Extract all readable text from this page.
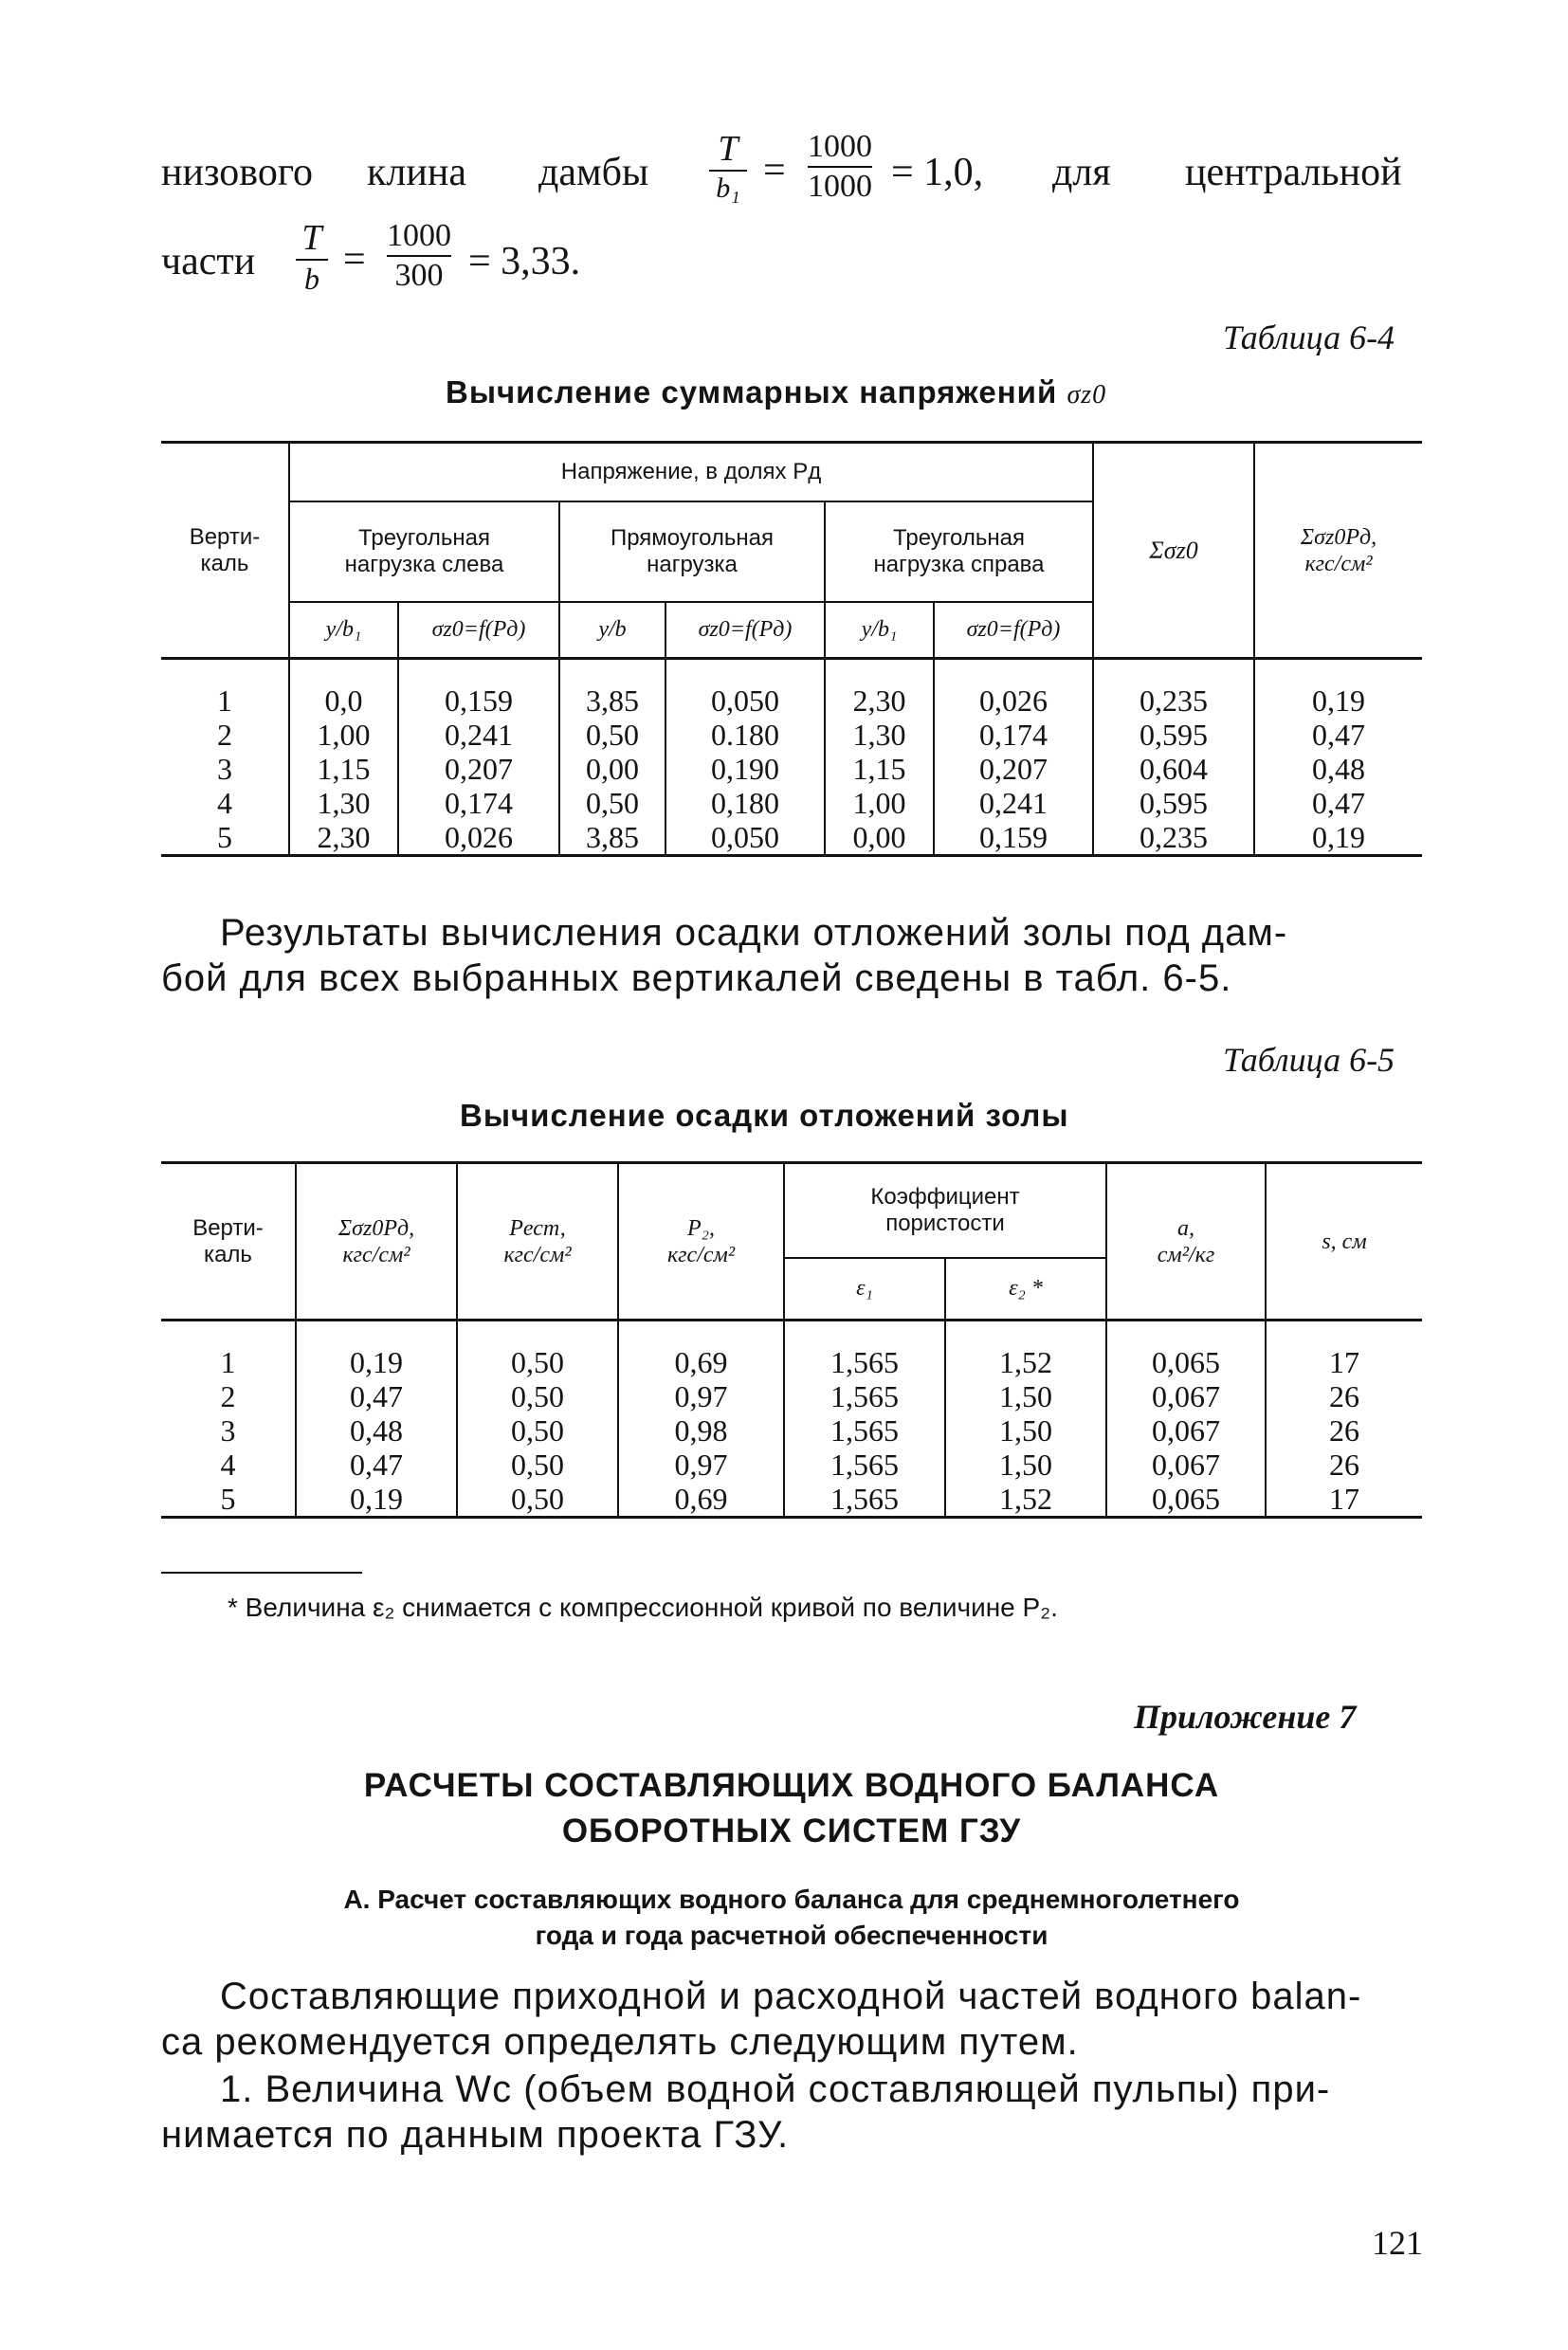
низового клина дамбы
T
b₁ =
1000
1000 = 1,0, для центральной
части
T
b =
1000
300 = 3,33.
Таблица 6-4
Вычисление суммарных напряжений σz0
Верти-
каль	Напряжение, в долях Pд						Σσz0	Σσz0Pд,
кгс/см²
	Треугольная
нагрузка слева		Прямоугольная
нагрузка		Треугольная
нагрузка справа			
	y/b₁	σz0=f(Pд)	y/b	σz0=f(Pд)	y/b₁	σz0=f(Pд)		

1	0,0	0,159	3,85	0,050	2,30	0,026	0,235	0,19
2	1,00	0,241	0,50	0.180	1,30	0,174	0,595	0,47
3	1,15	0,207	0,00	0,190	1,15	0,207	0,604	0,48
4	1,30	0,174	0,50	0,180	1,00	0,241	0,595	0,47
5	2,30	0,026	3,85	0,050	0,00	0,159	0,235	0,19
Результаты вычисления осадки отложений золы под дам-
бой для всех выбранных вертикалей сведены в табл. 6-5.
Таблица 6-5
Вычисление осадки отложений золы
Верти-
каль	Σσz0Pд,
кгс/см²	Pест,
кгс/см²	P₂,
кгс/см²	Коэффициент
пористости		a,
см²/кг	s, см
				ε₁	ε₂ *		

1	0,19	0,50	0,69	1,565	1,52	0,065	17
2	0,47	0,50	0,97	1,565	1,50	0,067	26
3	0,48	0,50	0,98	1,565	1,50	0,067	26
4	0,47	0,50	0,97	1,565	1,50	0,067	26
5	0,19	0,50	0,69	1,565	1,52	0,065	17
* Величина ε₂ снимается с компрессионной кривой по величине P₂.
Приложение 7
РАСЧЕТЫ СОСТАВЛЯЮЩИХ ВОДНОГО БАЛАНСА
ОБОРОТНЫХ СИСТЕМ ГЗУ
А. Расчет составляющих водного баланса для среднемноголетнего
года и года расчетной обеспеченности
Составляющие приходной и расходной частей водного balan-
са рекомендуется определять следующим путем.
1. Величина Wс (объем водной составляющей пульпы) при-
нимается по данным проекта ГЗУ.
121
